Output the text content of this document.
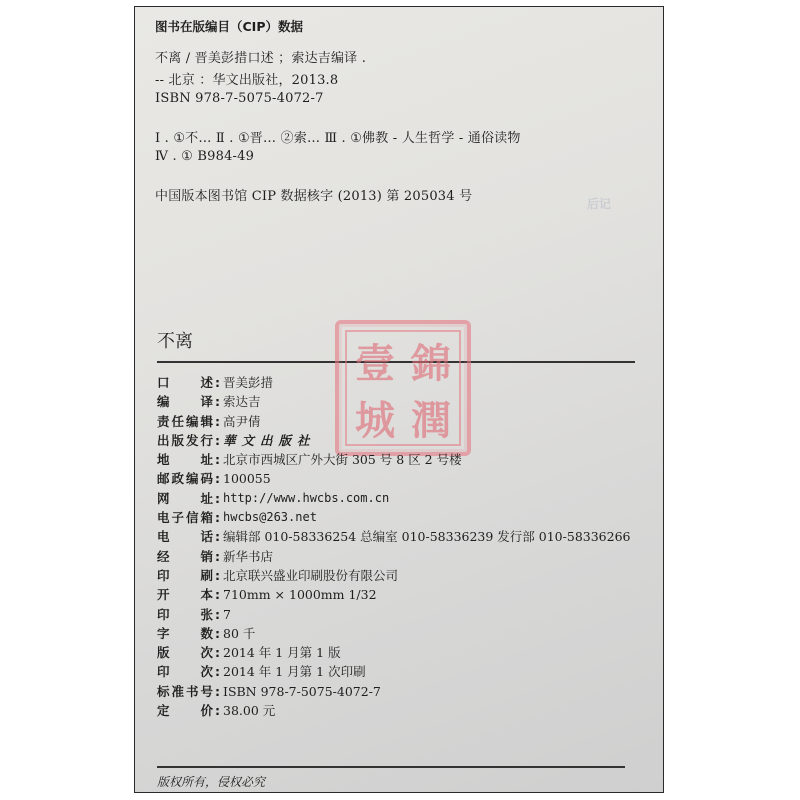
图书在版编目（CIP）数据
不离 / 晋美彭措口述 ；索达吉编译 .
-- 北京 ：华文出版社，2013.8
ISBN 978-7-5075-4072-7
Ⅰ . ①不… Ⅱ . ①晋… ②索… Ⅲ . ①佛教 - 人生哲学 - 通俗读物
Ⅳ . ① B984-49
中国版本图书馆 CIP 数据核字 (2013) 第 205034 号	后记
不离	壹
城
錦
潤
口 述 : 晋美彭措
编 译 : 索达吉
责 任 编 辑 : 高尹倩
出 版 发 行 : 華文出版社
地 址 : 北京市西城区广外大街 305 号 8 区 2 号楼
邮 政 编 码 : 100055
网 址 : http://www.hwcbs.com.cn
电 子 信 箱 : hwcbs@263.net
电 话 : 编辑部 010-58336254 总编室 010-58336239 发行部 010-58336266
经 销 : 新华书店
印 刷 : 北京联兴盛业印刷股份有限公司
开 本 : 710mm × 1000mm 1/32
印 张 : 7
字 数 : 80 千
版 次 : 2014 年 1 月第 1 版
印 次 : 2014 年 1 月第 1 次印刷
标 准 书 号 : ISBN 978-7-5075-4072-7
定 价 : 38.00 元
版权所有，侵权必究
